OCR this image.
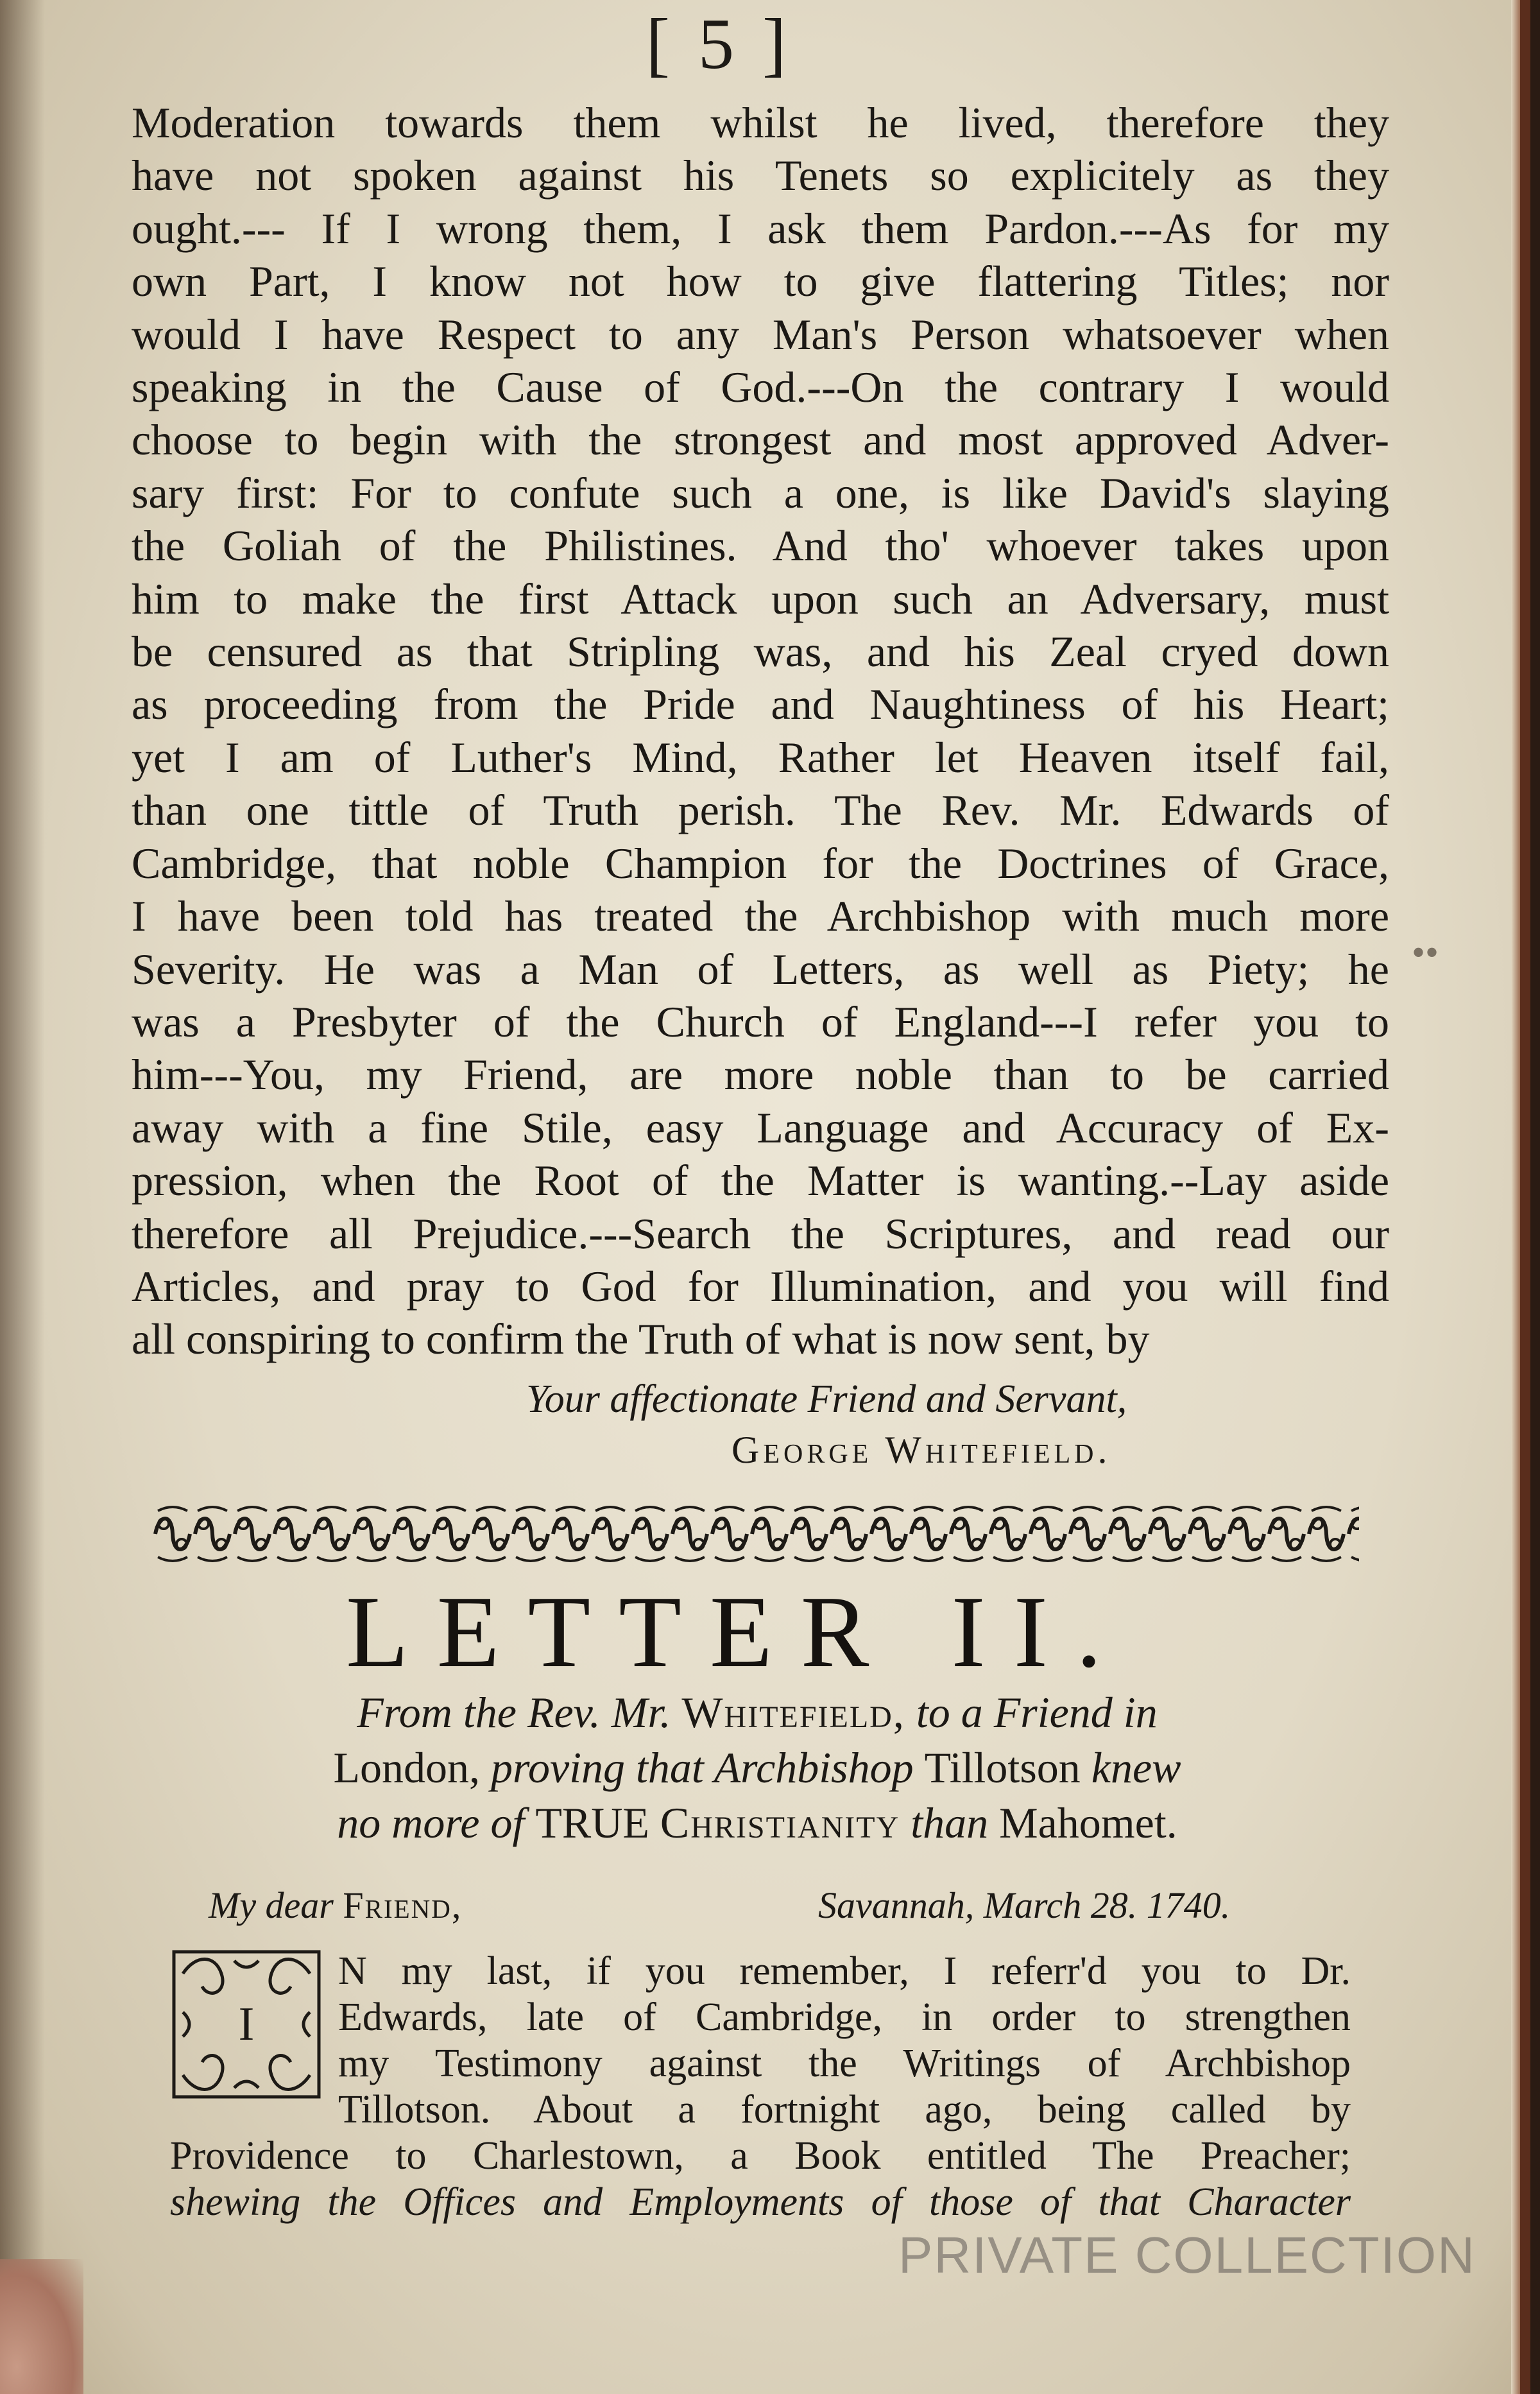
[ 5 ]
Moderation towards them whilst he lived, therefore they
have not spoken against his Tenets so explicitely as they
ought.--- If I wrong them, I ask them Pardon.---As for my
own Part, I know not how to give flattering Titles; nor
would I have Respect to any Man's Person whatsoever when
speaking in the Cause of God.---On the contrary I would
choose to begin with the strongest and most approved Adver-
sary first: For to confute such a one, is like David's slaying
the Goliah of the Philistines. And tho' whoever takes upon
him to make the first Attack upon such an Adversary, must
be censured as that Stripling was, and his Zeal cryed down
as proceeding from the Pride and Naughtiness of his Heart;
yet I am of Luther's Mind, Rather let Heaven itself fail,
than one tittle of Truth perish. The Rev. Mr. Edwards of
Cambridge, that noble Champion for the Doctrines of Grace,
I have been told has treated the Archbishop with much more
Severity. He was a Man of Letters, as well as Piety; he
was a Presbyter of the Church of England---I refer you to
him---You, my Friend, are more noble than to be carried
away with a fine Stile, easy Language and Accuracy of Ex-
pression, when the Root of the Matter is wanting.--Lay aside
therefore all Prejudice.---Search the Scriptures, and read our
Articles, and pray to God for Illumination, and you will find
all conspiring to confirm the Truth of what is now sent, by
Your affectionate Friend and Servant,
George Whitefield.
LETTER II.
From the Rev. Mr. Whitefield, to a Friend in
London, proving that Archbishop Tillotson knew
no more of TRUE Christianity than Mahomet.
My dear Friend,	Savannah, March 28. 1740.
I
N my last, if you remember, I referr'd you to Dr.
Edwards, late of Cambridge, in order to strengthen
my Testimony against the Writings of Archbishop
Tillotson. About a fortnight ago, being called by
Providence to Charlestown, a Book entitled The Preacher;
shewing the Offices and Employments of those of that Character
••
PRIVATE COLLECTION
